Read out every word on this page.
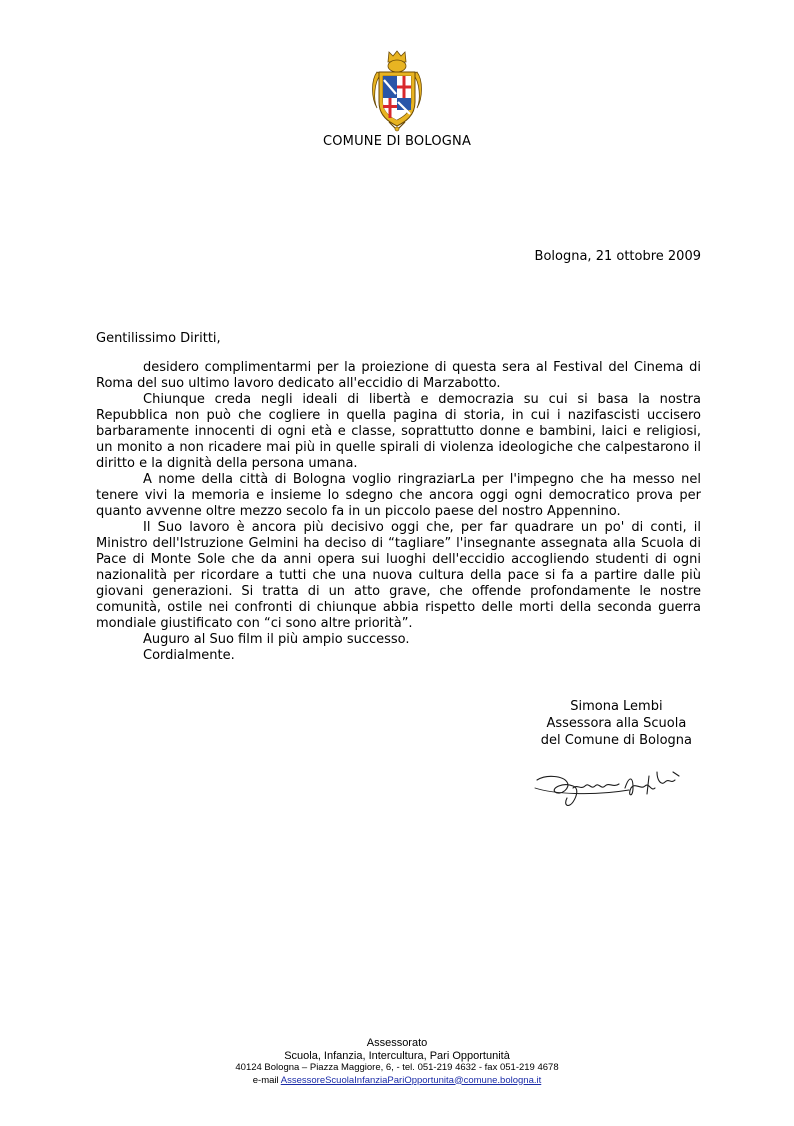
COMUNE DI BOLOGNA
Bologna, 21 ottobre 2009
Gentilissimo Diritti,

desidero complimentarmi per la proiezione di questa sera al Festival del Cinema di Roma del suo ultimo lavoro dedicato all'eccidio di Marzabotto.

Chiunque creda negli ideali di libertà e democrazia su cui si basa la nostra Repubblica non può che cogliere in quella pagina di storia, in cui i nazifascisti uccisero barbaramente innocenti di ogni età e classe, soprattutto donne e bambini, laici e religiosi, un monito a non ricadere mai più in quelle spirali di violenza ideologiche che calpestarono il diritto e la dignità della persona umana.

A nome della città di Bologna voglio ringraziarLa per l'impegno che ha messo nel tenere vivi la memoria e insieme lo sdegno che ancora oggi ogni democratico prova per quanto avvenne oltre mezzo secolo fa in un piccolo paese del nostro Appennino.

Il Suo lavoro è ancora più decisivo oggi che, per far quadrare un po' di conti, il Ministro dell'Istruzione Gelmini ha deciso di “tagliare” l'insegnante assegnata alla Scuola di Pace di Monte Sole che da anni opera sui luoghi dell'eccidio accogliendo studenti di ogni nazionalità per ricordare a tutti che una nuova cultura della pace si fa a partire dalle più giovani generazioni. Si tratta di un atto grave, che offende profondamente le nostre comunità, ostile nei confronti di chiunque abbia rispetto delle morti della seconda guerra mondiale giustificato con “ci sono altre priorità”.

Auguro al Suo film il più ampio successo.

Cordialmente.

Simona Lembi
Assessora alla Scuola
del Comune di Bologna
Assessorato
Scuola, Infanzia, Intercultura, Pari Opportunità
40124 Bologna – Piazza Maggiore, 6, - tel. 051-219 4632 - fax 051-219 4678
e-mail AssessoreScuolaInfanziaPariOpportunita@comune.bologna.it
